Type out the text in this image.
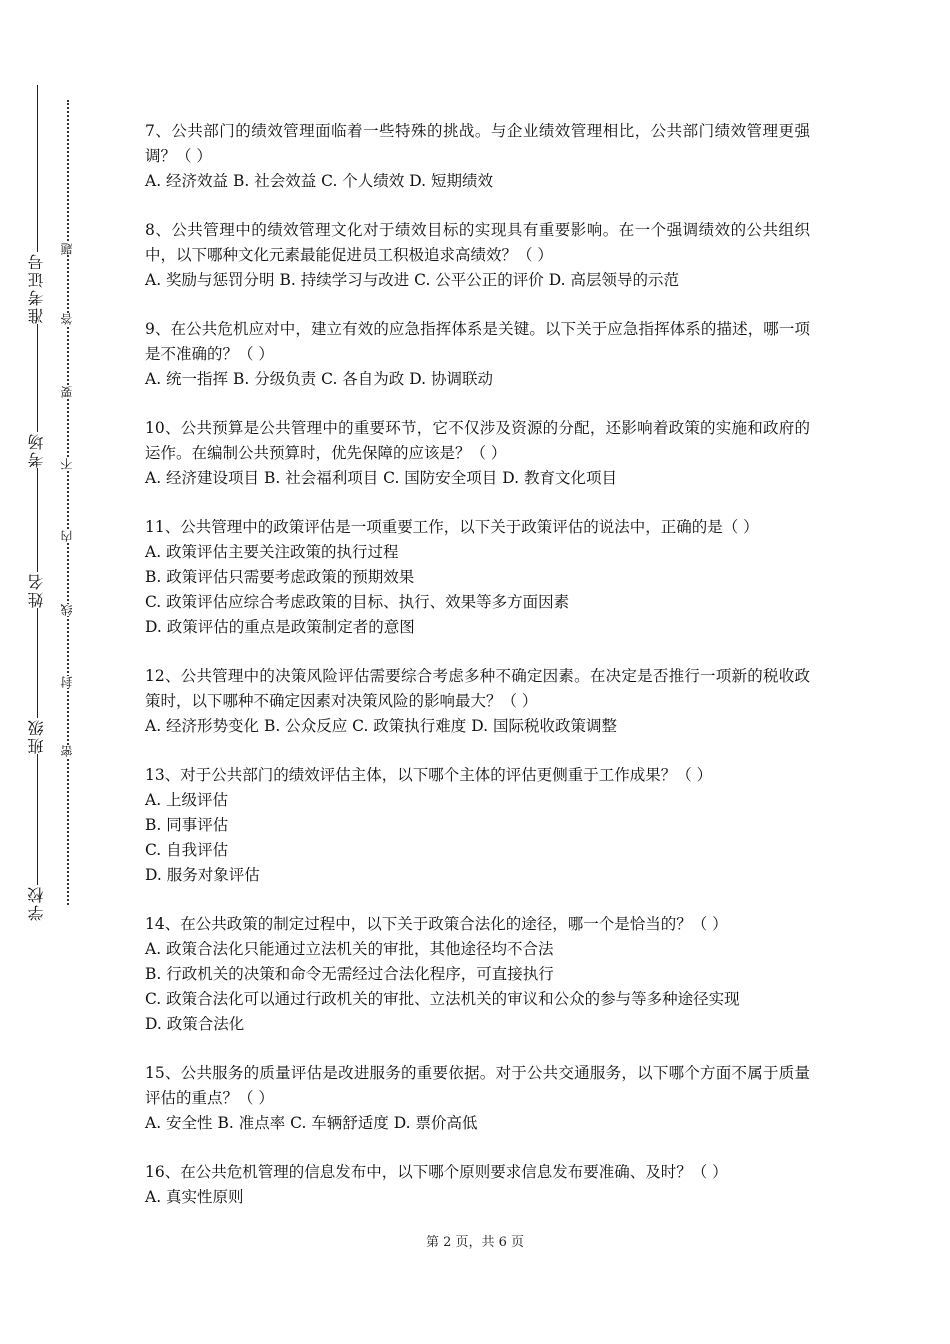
准考证号
考场
姓名
班级
学校
题
答
要
不
内
线
封
密

7、公共部门的绩效管理面临着一些特殊的挑战。与企业绩效管理相比，公共部门绩效管理更强调？（ ）

A. 经济效益 B. 社会效益 C. 个人绩效 D. 短期绩效

8、公共管理中的绩效管理文化对于绩效目标的实现具有重要影响。在一个强调绩效的公共组织中，以下哪种文化元素最能促进员工积极追求高绩效？（ ）

A. 奖励与惩罚分明 B. 持续学习与改进 C. 公平公正的评价 D. 高层领导的示范

9、在公共危机应对中，建立有效的应急指挥体系是关键。以下关于应急指挥体系的描述，哪一项是不准确的？（ ）

A. 统一指挥 B. 分级负责 C. 各自为政 D. 协调联动

10、公共预算是公共管理中的重要环节，它不仅涉及资源的分配，还影响着政策的实施和政府的运作。在编制公共预算时，优先保障的应该是？（ ）

A. 经济建设项目 B. 社会福利项目 C. 国防安全项目 D. 教育文化项目

11、公共管理中的政策评估是一项重要工作，以下关于政策评估的说法中，正确的是（ ）

A. 政策评估主要关注政策的执行过程

B. 政策评估只需要考虑政策的预期效果

C. 政策评估应综合考虑政策的目标、执行、效果等多方面因素

D. 政策评估的重点是政策制定者的意图

12、公共管理中的决策风险评估需要综合考虑多种不确定因素。在决定是否推行一项新的税收政策时，以下哪种不确定因素对决策风险的影响最大？（ ）

A. 经济形势变化 B. 公众反应 C. 政策执行难度 D. 国际税收政策调整

13、对于公共部门的绩效评估主体，以下哪个主体的评估更侧重于工作成果？（ ）

A. 上级评估

B. 同事评估

C. 自我评估

D. 服务对象评估

14、在公共政策的制定过程中，以下关于政策合法化的途径，哪一个是恰当的？（ ）

A. 政策合法化只能通过立法机关的审批，其他途径均不合法

B. 行政机关的决策和命令无需经过合法化程序，可直接执行

C. 政策合法化可以通过行政机关的审批、立法机关的审议和公众的参与等多种途径实现

D. 政策合法化

15、公共服务的质量评估是改进服务的重要依据。对于公共交通服务，以下哪个方面不属于质量评估的重点？（ ）

A. 安全性 B. 准点率 C. 车辆舒适度 D. 票价高低

16、在公共危机管理的信息发布中，以下哪个原则要求信息发布要准确、及时？（ ）

A. 真实性原则

第 2 页，共 6 页
